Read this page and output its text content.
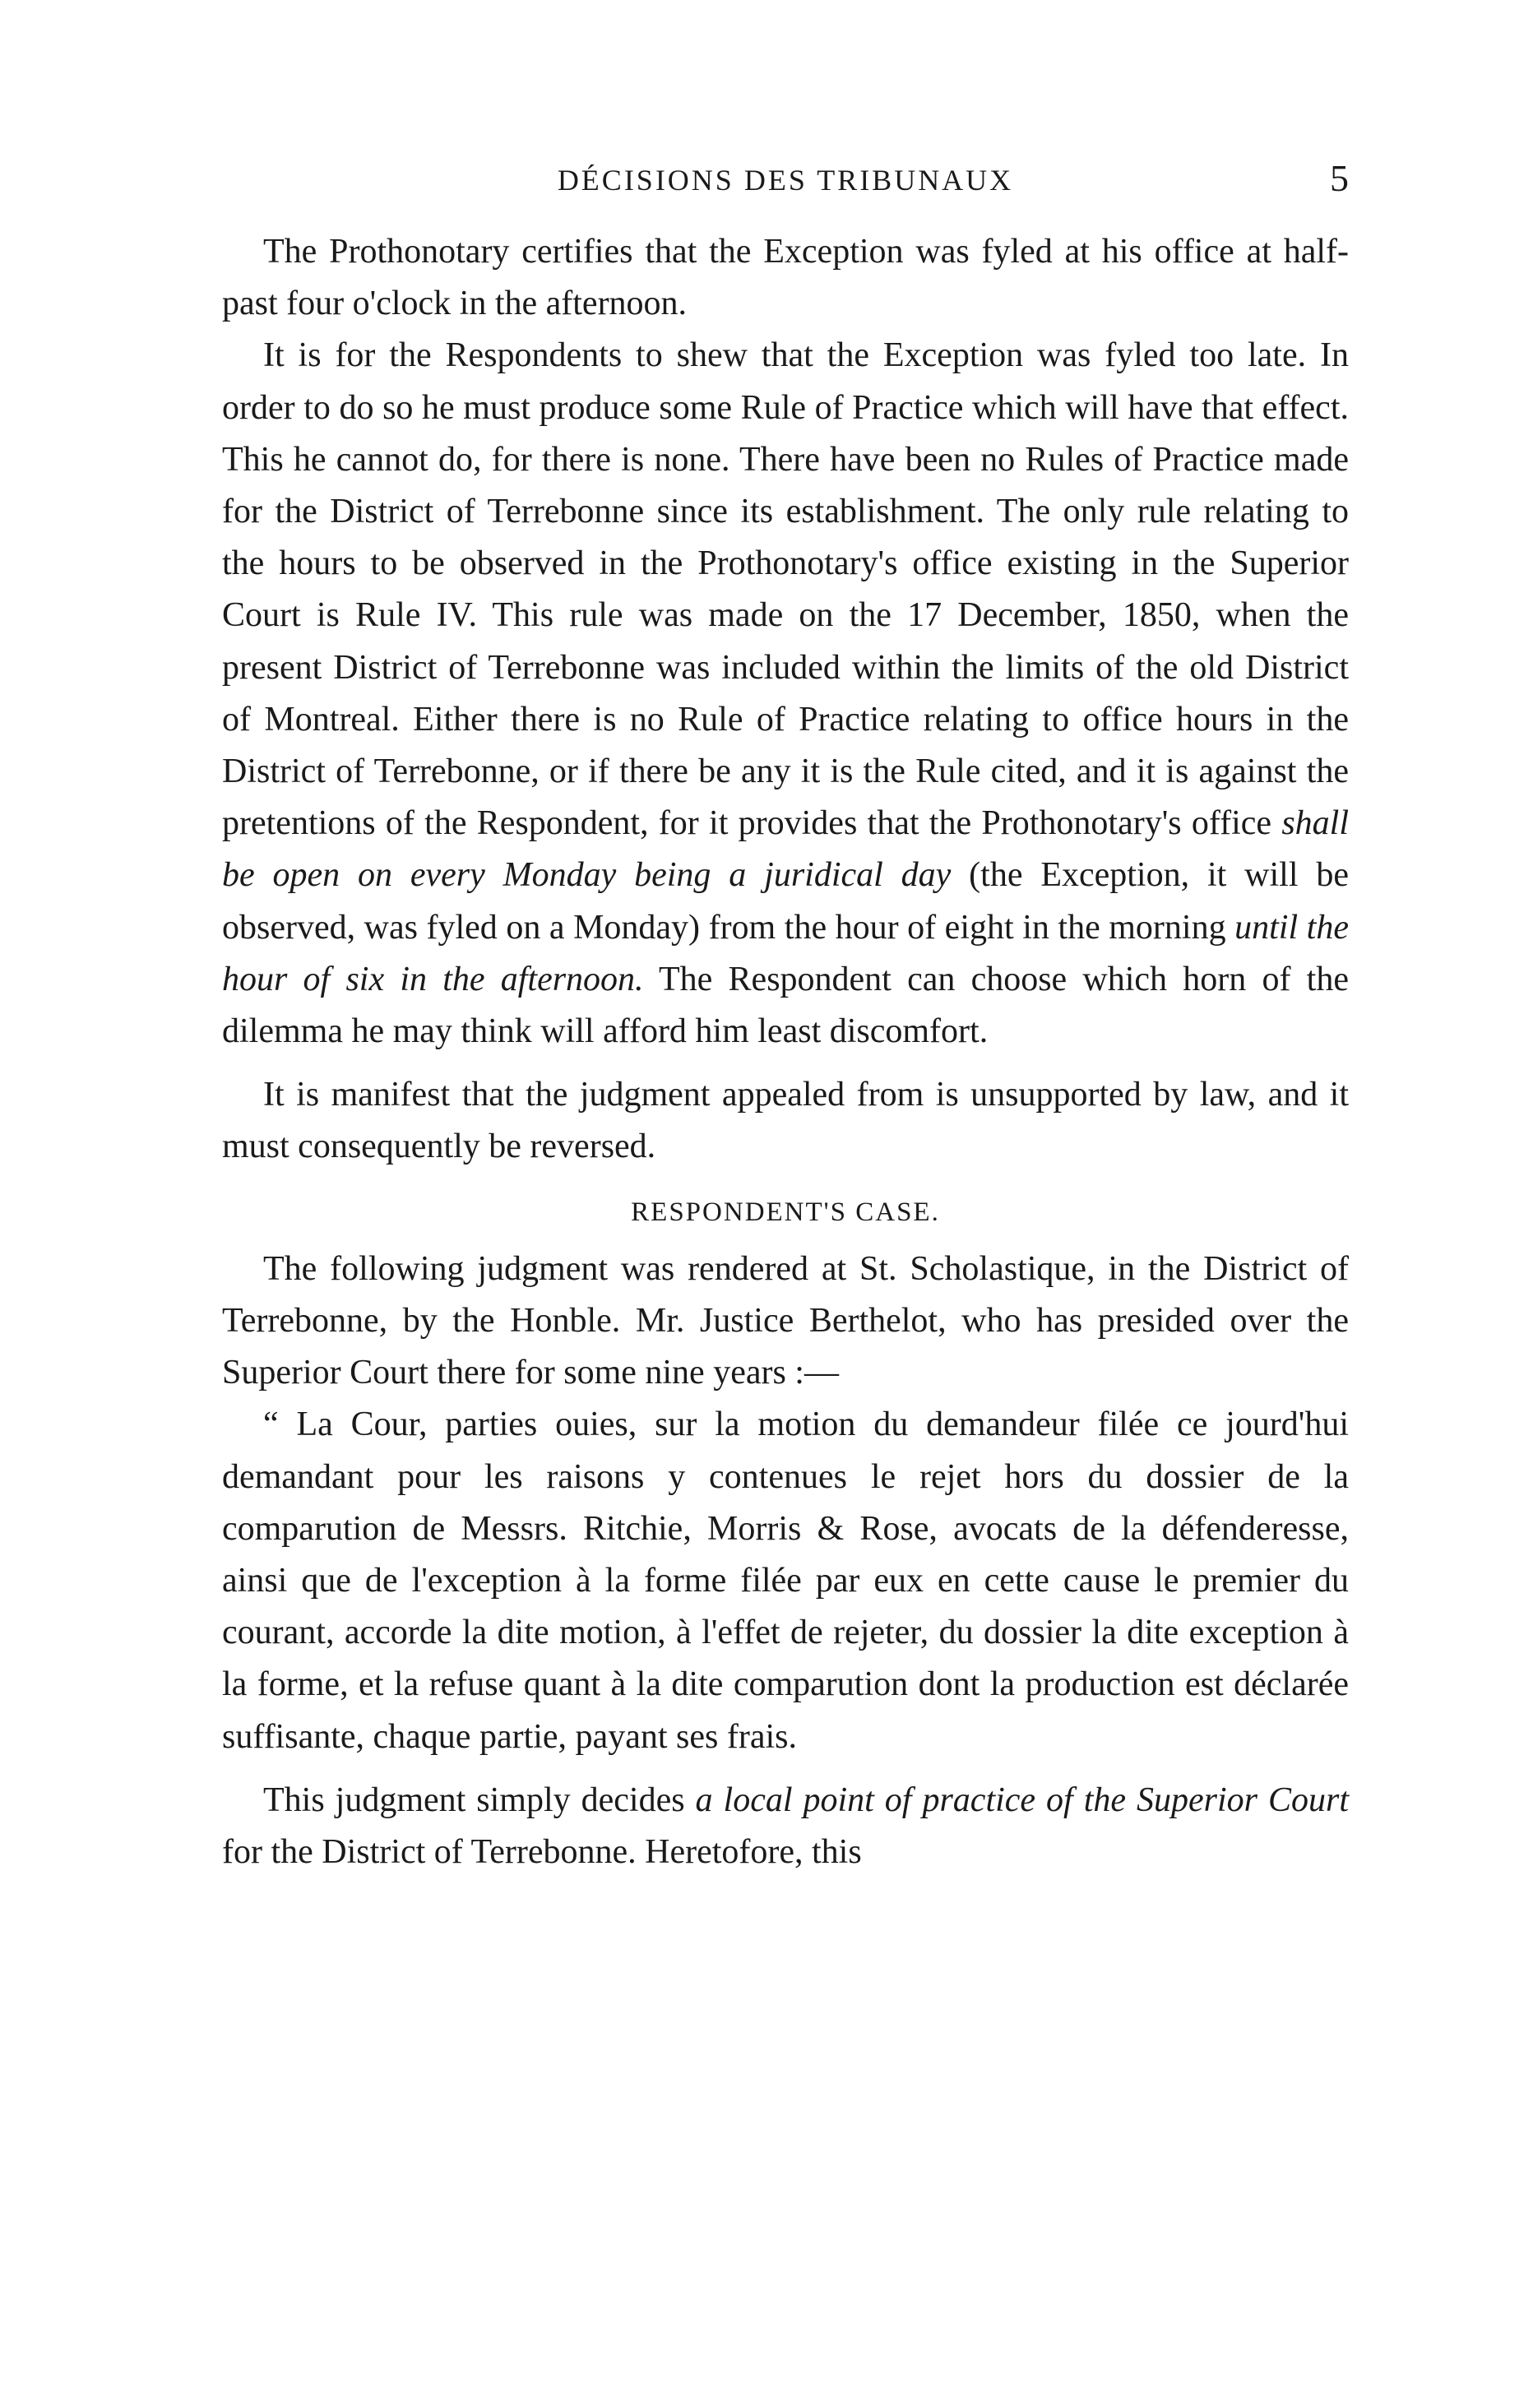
DÉCISIONS DES TRIBUNAUX	5

The Prothonotary certifies that the Exception was fyled at his office at half-past four o'clock in the afternoon.

It is for the Respondents to shew that the Exception was fyled too late. In order to do so he must produce some Rule of Practice which will have that effect. This he cannot do, for there is none. There have been no Rules of Practice made for the District of Terrebonne since its establishment. The only rule relating to the hours to be observed in the Prothonotary's office existing in the Superior Court is Rule IV. This rule was made on the 17 December, 1850, when the present District of Terrebonne was included within the limits of the old District of Montreal. Either there is no Rule of Practice relating to office hours in the District of Terrebonne, or if there be any it is the Rule cited, and it is against the pretentions of the Respondent, for it provides that the Prothonotary's office shall be open on every Monday being a juridical day (the Exception, it will be observed, was fyled on a Monday) from the hour of eight in the morning until the hour of six in the afternoon. The Respondent can choose which horn of the dilemma he may think will afford him least discomfort.

It is manifest that the judgment appealed from is unsupported by law, and it must consequently be reversed.

RESPONDENT'S CASE.

The following judgment was rendered at St. Scholastique, in the District of Terrebonne, by the Honble. Mr. Justice Berthelot, who has presided over the Superior Court there for some nine years :—

“ La Cour, parties ouies, sur la motion du demandeur filée ce jourd'hui demandant pour les raisons y contenues le rejet hors du dossier de la comparution de Messrs. Ritchie, Morris & Rose, avocats de la défenderesse, ainsi que de l'exception à la forme filée par eux en cette cause le premier du courant, accorde la dite motion, à l'effet de rejeter, du dossier la dite exception à la forme, et la refuse quant à la dite comparution dont la production est déclarée suffisante, chaque partie, payant ses frais.

This judgment simply decides a local point of practice of the Superior Court for the District of Terrebonne. Heretofore, this
